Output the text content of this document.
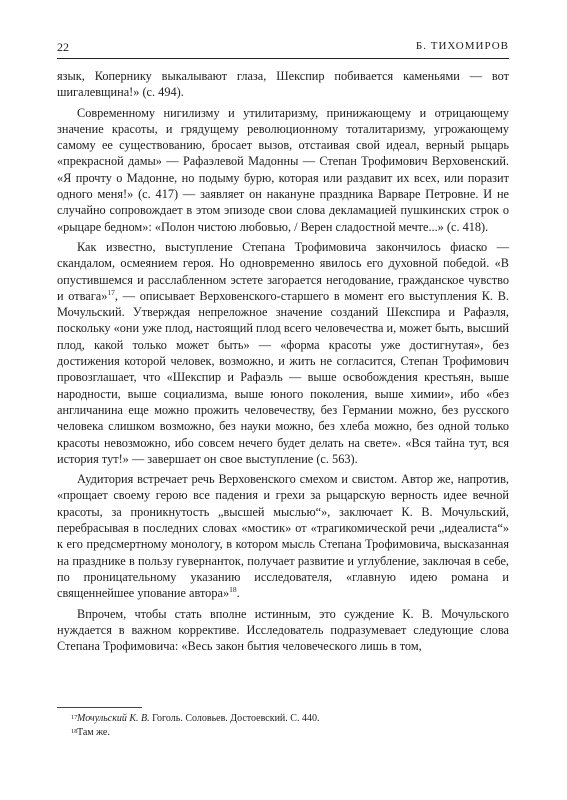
22	Б. ТИХОМИРОВ

язык, Копернику выкалывают глаза, Шекспир побивается каменьями — вот шигалевщина!» (с. 494).

Современному нигилизму и утилитаризму, принижающему и отрицающему значение красоты, и грядущему революционному тоталитаризму, угрожающему самому ее существованию, бросает вызов, отстаивая свой идеал, верный рыцарь «прекрасной дамы» — Рафаэлевой Мадонны — Степан Трофимович Верховенский. «Я прочту о Мадонне, но подыму бурю, которая или раздавит их всех, или поразит одного меня!» (с. 417) — заявляет он накануне праздника Варваре Петровне. И не случайно сопровождает в этом эпизоде свои слова декламацией пушкинских строк о «рыцаре бедном»: «Полон чистою любовью, / Верен сладостной мечте...» (с. 418).

Как известно, выступление Степана Трофимовича закончилось фиаско — скандалом, осмеянием героя. Но одновременно явилось его духовной победой. «В опустившемся и расслабленном эстете загорается негодование, гражданское чувство и отвага»$^{17}$, — описывает Верховенского-старшего в момент его выступления К. В. Мочульский. Утверждая непреложное значение созданий Шекспира и Рафаэля, поскольку «они уже плод, настоящий плод всего человечества и, может быть, высший плод, какой только может быть» — «форма красоты уже достигнутая», без достижения которой человек, возможно, и жить не согласится, Степан Трофимович провозглашает, что «Шекспир и Рафаэль — выше освобождения крестьян, выше народности, выше социализма, выше юного поколения, выше химии», ибо «без англичанина еще можно прожить человечеству, без Германии можно, без русского человека слишком возможно, без науки можно, без хлеба можно, без одной только красоты невозможно, ибо совсем нечего будет делать на свете». «Вся тайна тут, вся история тут!» — завершает он свое выступление (с. 563).

Аудитория встречает речь Верховенского смехом и свистом. Автор же, напротив, «прощает своему герою все падения и грехи за рыцарскую верность идее вечной красоты, за проникнутость „высшей мыслью“», заключает К. В. Мочульский, перебрасывая в последних словах «мостик» от «трагикомической речи „идеалиста“» к его предсмертному монологу, в котором мысль Степана Трофимовича, высказанная на празднике в пользу гувернанток, получает развитие и углубление, заключая в себе, по проницательному указанию исследователя, «главную идею романа и священнейшее упование автора»$^{18}$.

Впрочем, чтобы стать вполне истинным, это суждение К. В. Мочульского нуждается в важном коррективе. Исследователь подразумевает следующие слова Степана Трофимовича: «Весь закон бытия человеческого лишь в том,

17 Мочульский К. В. Гоголь. Соловьев. Достоевский. С. 440.

18 Там же.
